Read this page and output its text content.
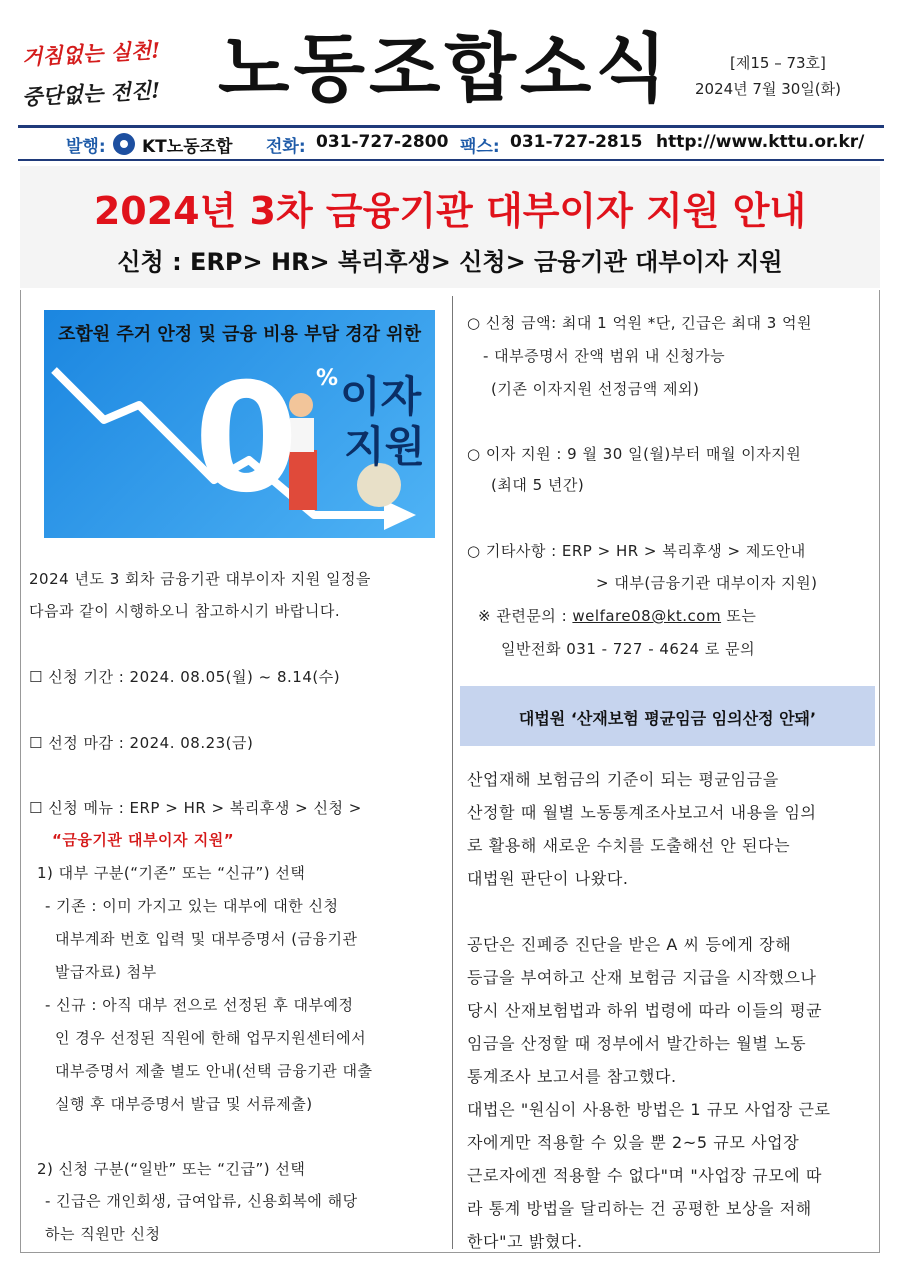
거침없는 실천!
중단없는 전진! 노동조합소식	[제15 – 73호]
2024년 7월 30일(화)
발행: KT노동조합 전화: 031-727-2800 팩스: 031-727-2815 http://www.kttu.or.kr/
2024년 3차 금융기관 대부이자 지원 안내
신청 : ERP> HR> 복리후생> 신청> 금융기관 대부이자 지원
조합원 주거 안정 및 금융 비용 부담 경감 위한
0 % 이자
지원
2024 년도 3 회차 금융기관 대부이자 지원 일정을
다음과 같이 시행하오니 참고하시기 바랍니다.
☐ 신청 기간 : 2024. 08.05(월) ~ 8.14(수)
☐ 선정 마감 : 2024. 08.23(금)
☐ 신청 메뉴 : ERP > HR > 복리후생 > 신청 >
“금융기관 대부이자 지원”
1) 대부 구분(“기존” 또는 “신규”) 선택
- 기존 : 이미 가지고 있는 대부에 대한 신청
대부계좌 번호 입력 및 대부증명서 (금융기관
발급자료) 첨부
- 신규 : 아직 대부 전으로 선정된 후 대부예정
인 경우 선정된 직원에 한해 업무지원센터에서
대부증명서 제출 별도 안내(선택 금융기관 대출
실행 후 대부증명서 발급 및 서류제출)
2) 신청 구분(“일반” 또는 “긴급”) 선택
- 긴급은 개인회생, 급여압류, 신용회복에 해당
하는 직원만 신청
○ 신청 금액: 최대 1 억원 *단, 긴급은 최대 3 억원
- 대부증명서 잔액 범위 내 신청가능
(기존 이자지원 선정금액 제외)
○ 이자 지원 : 9 월 30 일(월)부터 매월 이자지원
(최대 5 년간)
○ 기타사항 : ERP > HR > 복리후생 > 제도안내
> 대부(금융기관 대부이자 지원)
※ 관련문의 : welfare08@kt.com 또는
일반전화 031 - 727 - 4624 로 문의
대법원 ‘산재보험 평균임금 임의산정 안돼’
산업재해 보험금의 기준이 되는 평균임금을
산정할 때 월별 노동통계조사보고서 내용을 임의
로 활용해 새로운 수치를 도출해선 안 된다는
대법원 판단이 나왔다.
공단은 진폐증 진단을 받은 A 씨 등에게 장해
등급을 부여하고 산재 보험금 지급을 시작했으나
당시 산재보험법과 하위 법령에 따라 이들의 평균
임금을 산정할 때 정부에서 발간하는 월별 노동
통계조사 보고서를 참고했다.
대법은 "원심이 사용한 방법은 1 규모 사업장 근로
자에게만 적용할 수 있을 뿐 2~5 규모 사업장
근로자에겐 적용할 수 없다"며 "사업장 규모에 따
라 통계 방법을 달리하는 건 공평한 보상을 저해
한다"고 밝혔다.
